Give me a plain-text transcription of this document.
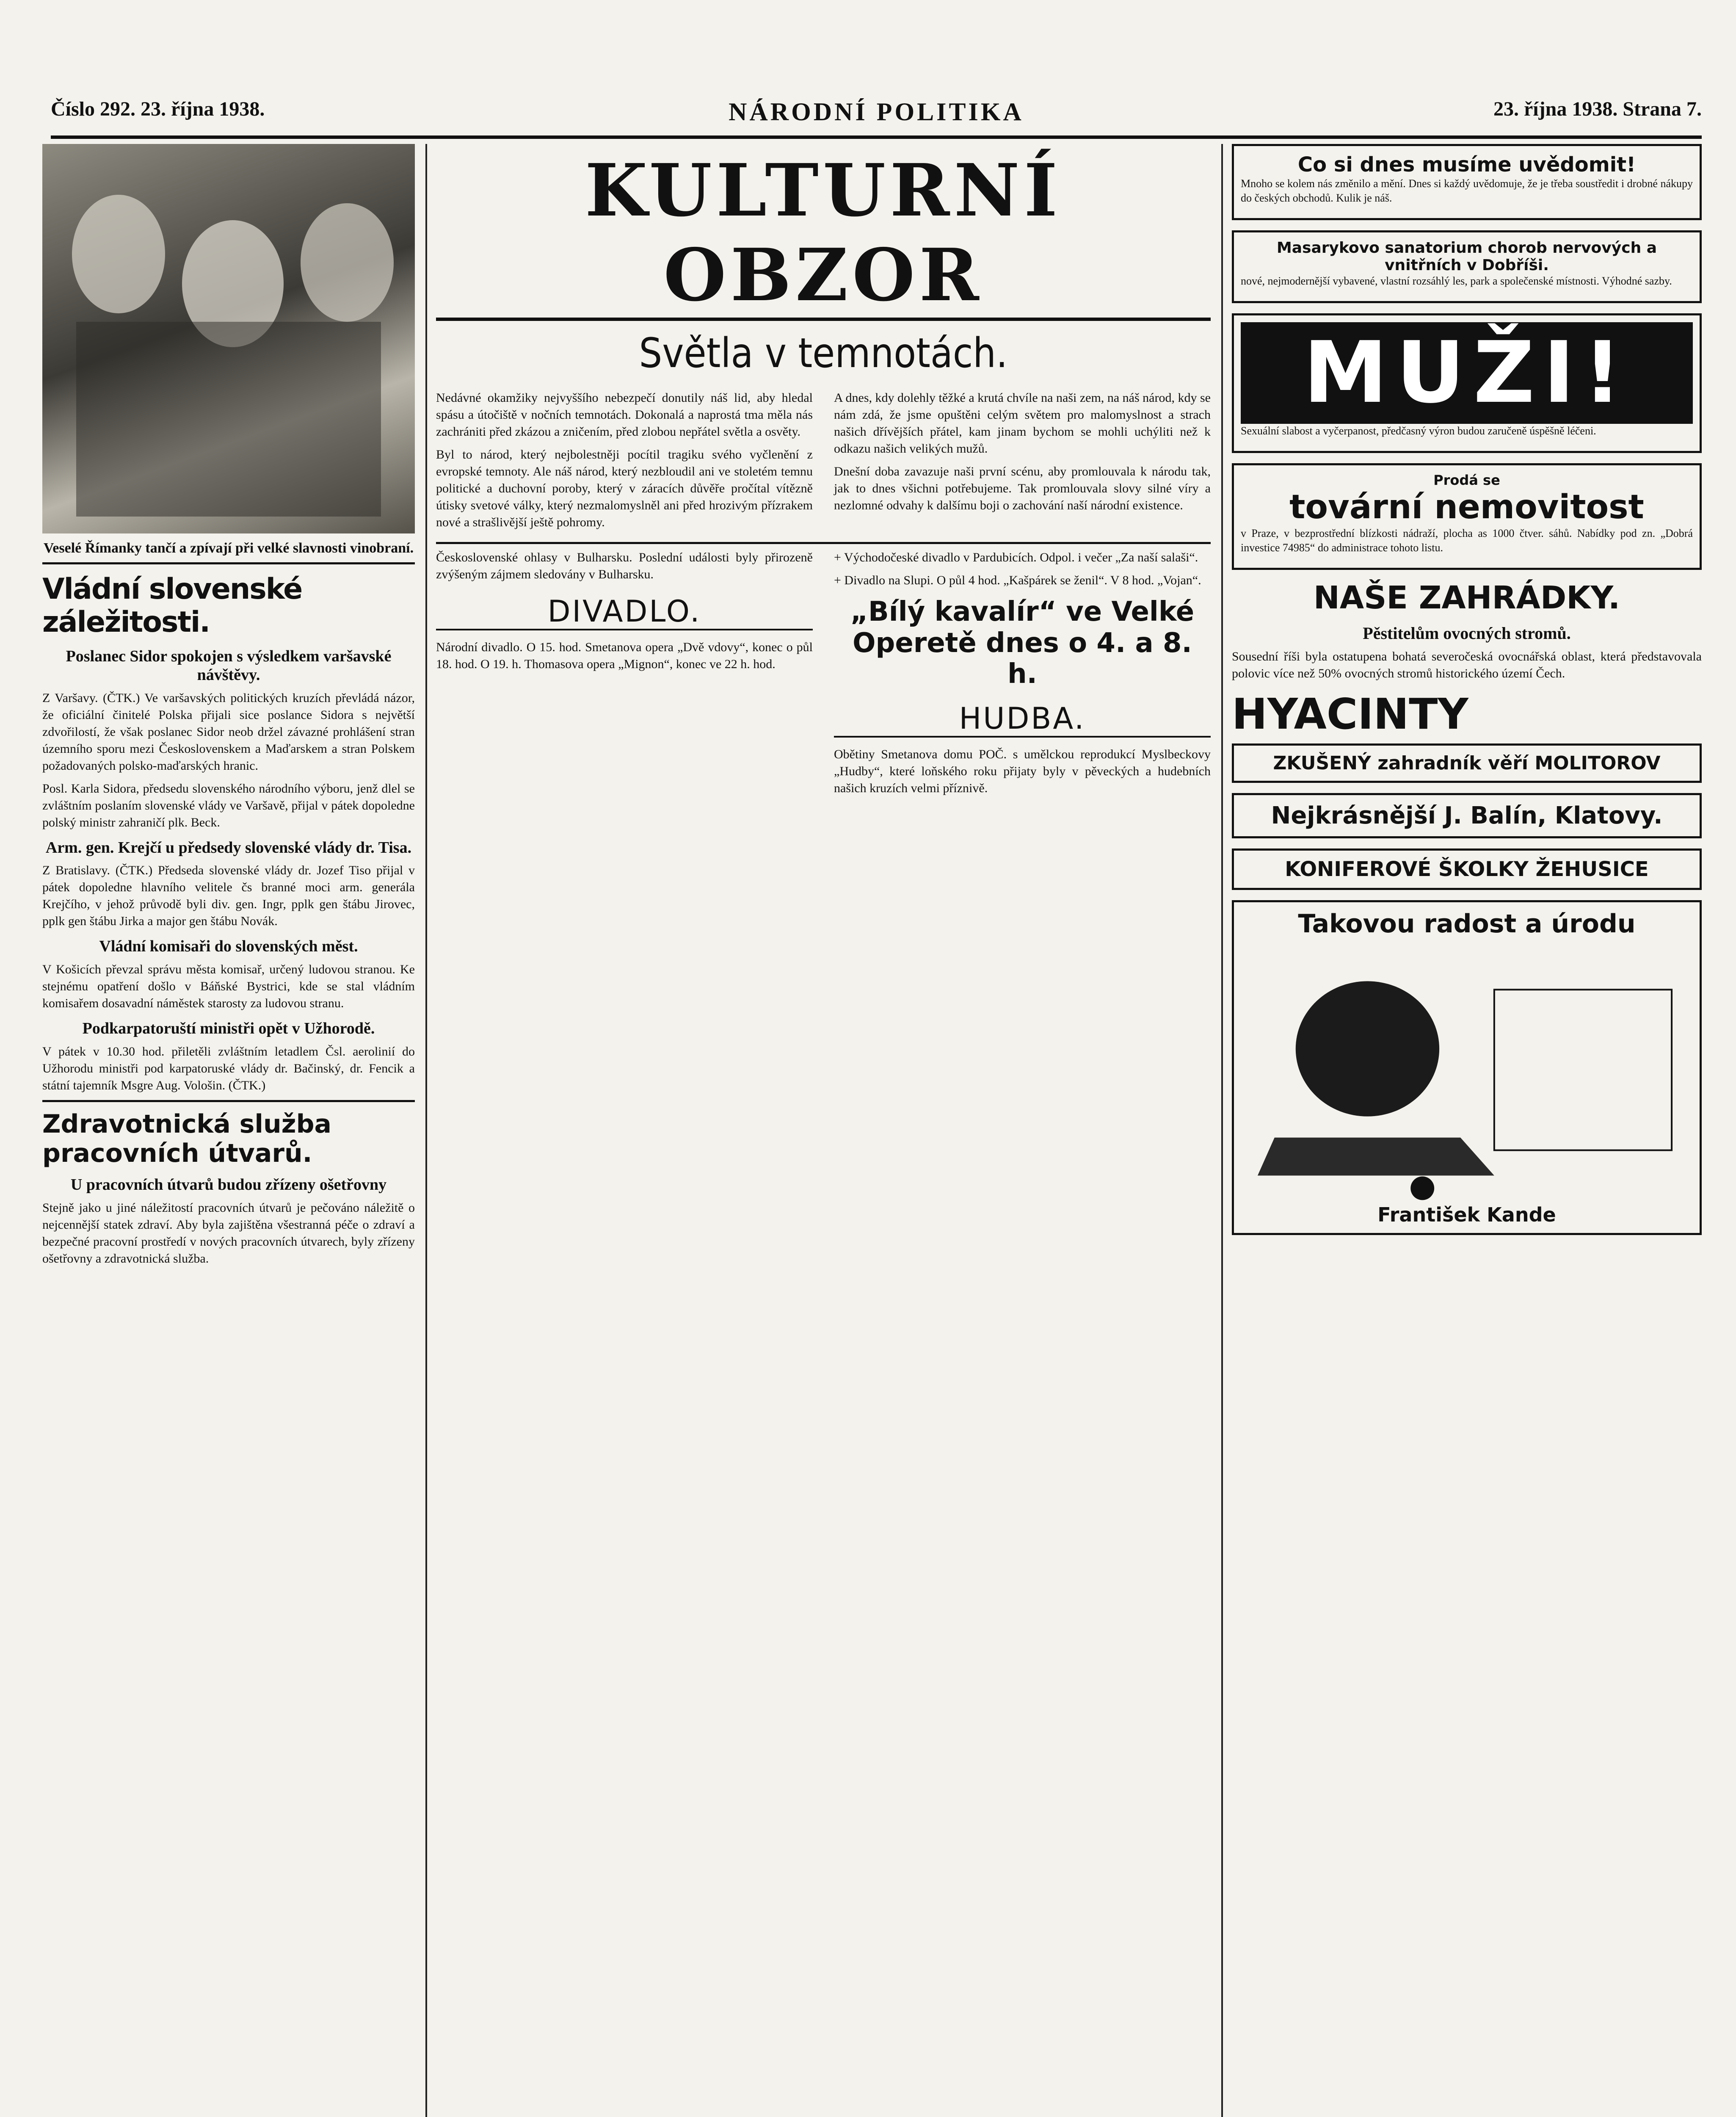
Číslo 292. 23. října 1938.	NÁRODNÍ POLITIKA	23. října 1938. Strana 7.
Veselé Římanky tančí a zpívají při velké slavnosti vinobraní.
Vládní slovenské záležitosti.
Poslanec Sidor spokojen s výsledkem varšavské návštěvy.

Z Varšavy. (ČTK.) Ve varšavských politických kruzích převládá názor, že oficiální činitelé Polska přijali sice poslance Sidora s největší zdvořilostí, že však poslanec Sidor neob držel závazné prohlášení stran územního sporu mezi Československem a Maďarskem a stran Polskem požadovaných polsko-maďarských hranic.

Posl. Karla Sidora, předsedu slovenského národního výboru, jenž dlel se zvláštním poslaním slovenské vlády ve Varšavě, přijal v pátek dopoledne polský ministr zahraničí plk. Beck.

Arm. gen. Krejčí u předsedy slovenské vlády dr. Tisa.

Z Bratislavy. (ČTK.) Předseda slovenské vlády dr. Jozef Tiso přijal v pátek dopoledne hlavního velitele čs branné moci arm. generála Krejčího, v jehož průvodě byli div. gen. Ingr, pplk gen štábu Jirovec, pplk gen štábu Jirka a major gen štábu Novák.

Vládní komisaři do slovenských měst.

V Košicích převzal správu města komisař, určený ludovou stranou. Ke stejnému opatření došlo v Báňské Bystrici, kde se stal vládním komisařem dosavadní náměstek starosty za ludovou stranu.

Podkarpatoruští ministři opět v Užhorodě.

V pátek v 10.30 hod. přiletěli zvláštním letadlem Čsl. aerolinií do Užhorodu ministři pod karpatoruské vlády dr. Bačinský, dr. Fencik a státní tajemník Msgre Aug. Vološin. (ČTK.)

Zdravotnická služba pracovních útvarů.
U pracovních útvarů budou zřízeny ošetřovny

Stejně jako u jiné náležitostí pracovních útvarů je pečováno náležitě o nejcennější statek zdraví. Aby byla zajištěna všestranná péče o zdraví a bezpečné pracovní prostředí v nových pracovních útvarech, byly zřízeny ošetřovny a zdravotnická služba.

KULTURNÍ OBZOR
Světla v temnotách.

Nedávné okamžiky nejvyššího nebezpečí donutily náš lid, aby hledal spásu a útočiště v nočních temnotách. Dokonalá a naprostá tma měla nás zachrániti před zkázou a zničením, před zlobou nepřátel světla a osvěty.

Byl to národ, který nejbolestněji pocítil tragiku svého vyčlenění z evropské temnoty. Ale náš národ, který nezbloudil ani ve stoletém temnu politické a duchovní poroby, který v záracích důvěře pročítal vítězně útisky svetové války, který nezmalomyslněl ani před hrozivým přízrakem nové a strašlivější ještě pohromy.

A dnes, kdy dolehly těžké a krutá chvíle na naši zem, na náš národ, kdy se nám zdá, že jsme opuštěni celým světem pro malomyslnost a strach našich dřívějších přátel, kam jinam bychom se mohli uchýliti než k odkazu našich velikých mužů.

Dnešní doba zavazuje naši první scénu, aby promlouvala k národu tak, jak to dnes všichni potřebujeme. Tak promlouvala slovy silné víry a nezlomné odvahy k dalšímu boji o zachování naší národní existence.

Československé ohlasy v Bulharsku. Poslední události byly přirozeně zvýšeným zájmem sledovány v Bulharsku.

DIVADLO.

Národní divadlo. O 15. hod. Smetanova opera „Dvě vdovy“, konec o půl 18. hod. O 19. h. Thomasova opera „Mignon“, konec ve 22 h. hod.

+ Východočeské divadlo v Pardubicích. Odpol. i večer „Za naší salaši“.

+ Divadlo na Slupi. O půl 4 hod. „Kašpárek se ženil“. V 8 hod. „Vojan“.

„Bílý kavalír“ ve Velké Operetě dnes o 4. a 8. h.
HUDBA.

Obětiny Smetanova domu POČ. s umělckou reprodukcí Myslbeckovy „Hudby“, které loňského roku přijaty byly v pěveckých a hudebních našich kruzích velmi příznivě.

Co si dnes musíme uvědomit!

Mnoho se kolem nás změnilo a mění. Dnes si každý uvědomuje, že je třeba soustředit i drobné nákupy do českých obchodů. Kulik je náš.

Masarykovo sanatorium chorob nervových a vnitřních v Dobříši.

nové, nejmodernější vybavené, vlastní rozsáhlý les, park a společenské místnosti. Výhodné sazby.

MUŽI!

Sexuální slabost a vyčerpanost, předčasný výron budou zaručeně úspěšně léčeni.

Prodá se
tovární nemovitost

v Praze, v bezprostřední blízkosti nádraží, plocha as 1000 čtver. sáhů. Nabídky pod zn. „Dobrá investice 74985“ do administrace tohoto listu.

NAŠE ZAHRÁDKY.
Pěstitelům ovocných stromů.

Sousední říši byla ostatupena bohatá severočeská ovocnářská oblast, která představovala polovic více než 50% ovocných stromů historického území Čech.

HYACINTY
ZKUŠENÝ zahradník věří MOLITOROV
Nejkrásnější J. Balín, Klatovy.
KONIFEROVÉ ŠKOLKY ŽEHUSICE
Takovou radost a úrodu
František Kande
